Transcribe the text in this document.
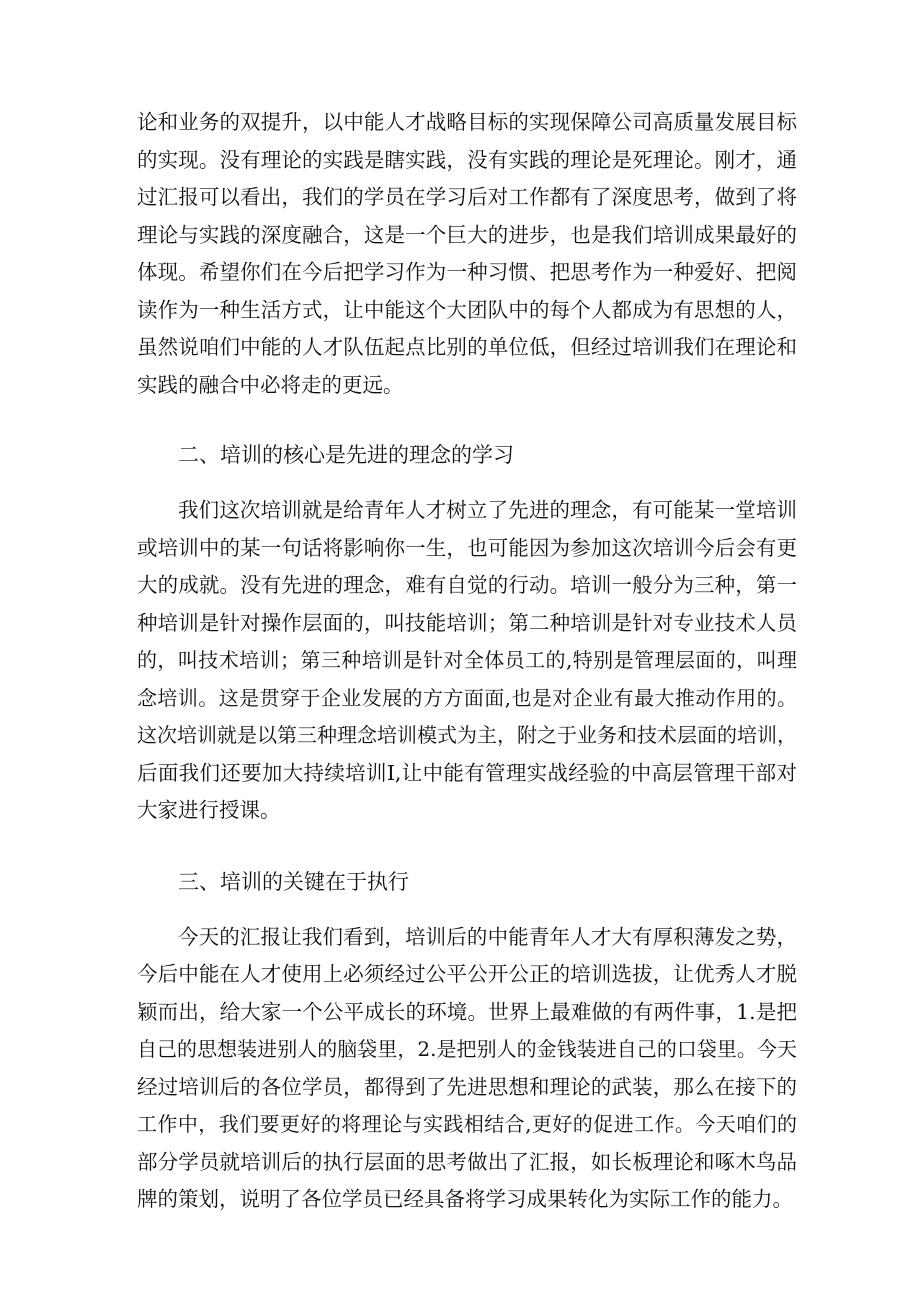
论和业务的双提升，以中能人才战略目标的实现保障公司高质量发展目标
的实现。没有理论的实践是瞎实践，没有实践的理论是死理论。刚才，通
过汇报可以看出，我们的学员在学习后对工作都有了深度思考，做到了将
理论与实践的深度融合，这是一个巨大的进步，也是我们培训成果最好的
体现。希望你们在今后把学习作为一种习惯、把思考作为一种爱好、把阅
读作为一种生活方式，让中能这个大团队中的每个人都成为有思想的人，
虽然说咱们中能的人才队伍起点比别的单位低，但经过培训我们在理论和
实践的融合中必将走的更远。
二、培训的核心是先进的理念的学习
我们这次培训就是给青年人才树立了先进的理念，有可能某一堂培训
或培训中的某一句话将影响你一生，也可能因为参加这次培训今后会有更
大的成就。没有先进的理念，难有自觉的行动。培训一般分为三种，第一
种培训是针对操作层面的，叫技能培训；第二种培训是针对专业技术人员
的，叫技术培训；第三种培训是针对全体员工的,特别是管理层面的，叫理
念培训。这是贯穿于企业发展的方方面面,也是对企业有最大推动作用的。
这次培训就是以第三种理念培训模式为主，附之于业务和技术层面的培训，
后面我们还要加大持续培训I,让中能有管理实战经验的中高层管理干部对
大家进行授课。
三、培训的关键在于执行
今天的汇报让我们看到，培训后的中能青年人才大有厚积薄发之势，
今后中能在人才使用上必须经过公平公开公正的培训选拔，让优秀人才脱
颖而出，给大家一个公平成长的环境。世界上最难做的有两件事，1.是把
自己的思想装进别人的脑袋里，2.是把别人的金钱装进自己的口袋里。今天
经过培训后的各位学员，都得到了先进思想和理论的武装，那么在接下的
工作中，我们要更好的将理论与实践相结合,更好的促进工作。今天咱们的
部分学员就培训后的执行层面的思考做出了汇报，如长板理论和啄木鸟品
牌的策划，说明了各位学员已经具备将学习成果转化为实际工作的能力。
